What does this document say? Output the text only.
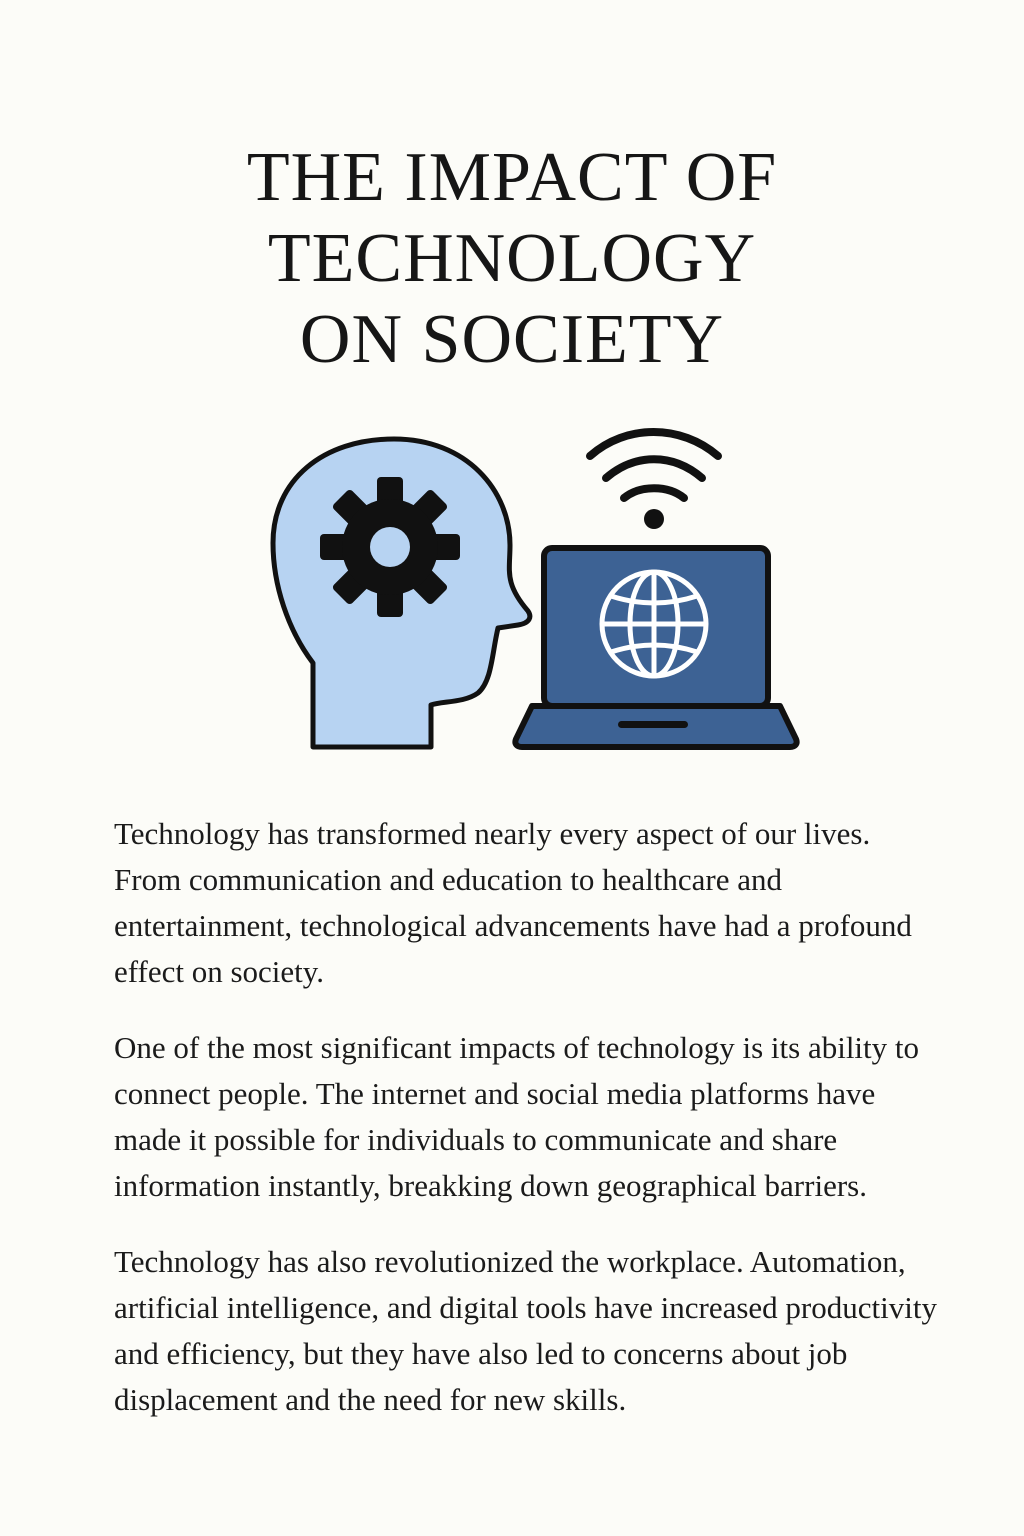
THE IMPACT OF
TECHNOLOGY
ON SOCIETY

Technology has transformed nearly every aspect of our lives. From communication and education to healthcare and entertainment, technological advancements have had a profound effect on society.

One of the most significant impacts of technology is its ability to connect people. The internet and social media platforms have made it possible for individuals to communicate and share information instantly, breakking down geographical barriers.

Technology has also revolutionized the workplace. Automation, artificial intelligence, and digital tools have increased productivity and efficiency, but they have also led to concerns about job displacement and the need for new skills.
